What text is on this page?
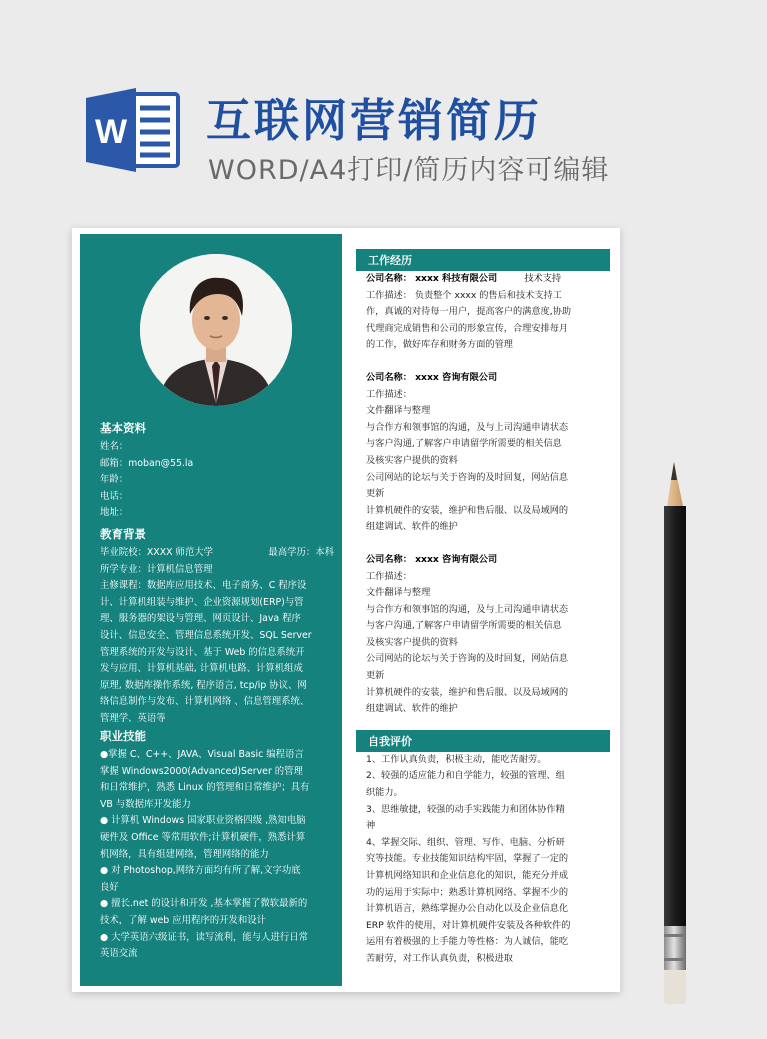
W 互联网营销简历
WORD/A4打印/简历内容可编辑
基本资料
姓名：
邮箱：moban@55.la
年龄：
电话：
地址：
教育背景
毕业院校：XXXX 师范大学	最高学历：本科
所学专业：计算机信息管理
主修课程：数据库应用技术、电子商务、C 程序设
计、计算机组装与维护、企业资源规划(ERP)与管
理、服务器的架设与管理、网页设计、Java 程序
设计、信息安全、管理信息系统开发、SQL Server
管理系统的开发与设计、基于 Web 的信息系统开
发与应用、计算机基础, 计算机电路、计算机组成
原理, 数据库操作系统, 程序语言, tcp/ip 协议、网
络信息制作与发布、计算机网络 、信息管理系统、
管理学、英语等
职业技能
●掌握 C、C++、JAVA、Visual Basic 编程语言
掌握 Windows2000(Advanced)Server 的管理
和日常维护，熟悉 Linux 的管理和日常维护；具有
VB 与数据库开发能力
● 计算机 Windows 国家职业资格四级 ,熟知电脑
硬件及 Office 等常用软件;计算机硬件，熟悉计算
机网络，具有组建网络，管理网络的能力
● 对 Photoshop,网络方面均有所了解,文字功底
良好
● 擅长.net 的设计和开发 ,基本掌握了微软最新的
技术，了解 web 应用程序的开发和设计
● 大学英语六级证书，读写流利，能与人进行日常
英语交流
工作经历
公司名称： xxxx 科技有限公司	技术支持
工作描述： 负责整个 xxxx 的售后和技术支持工
作，真诚的对待每一用户，提高客户的满意度,协助
代理商完成销售和公司的形象宣传，合理安排每月
的工作，做好库存和财务方面的管理
公司名称： xxxx 咨询有限公司
工作描述：
文件翻译与整理
与合作方和领事馆的沟通，及与上司沟通申请状态
与客户沟通,了解客户申请留学所需要的相关信息
及核实客户提供的资料
公司网站的论坛与关于咨询的及时回复，网站信息
更新
计算机硬件的安装，维护和售后服、以及局域网的
组建调试、软件的维护
公司名称： xxxx 咨询有限公司
工作描述：
文件翻译与整理
与合作方和领事馆的沟通，及与上司沟通申请状态
与客户沟通,了解客户申请留学所需要的相关信息
及核实客户提供的资料
公司网站的论坛与关于咨询的及时回复，网站信息
更新
计算机硬件的安装，维护和售后服、以及局域网的
组建调试、软件的维护
自我评价
1、工作认真负责，积极主动，能吃苦耐劳。
2、较强的适应能力和自学能力，较强的管理、组
织能力。
3、思维敏捷，较强的动手实践能力和团体协作精
神
4、掌握交际、组织、管理、写作、电脑、分析研
究等技能。专业技能知识结构牢固，掌握了一定的
计算机网络知识和企业信息化的知识，能充分并成
功的运用于实际中；熟悉计算机网络、掌握不少的
计算机语言，熟练掌握办公自动化以及企业信息化
ERP 软件的使用，对计算机硬件安装及各种软件的
运用有着极强的上手能力等性格：为人诚信，能吃
苦耐劳，对工作认真负责，积极进取
